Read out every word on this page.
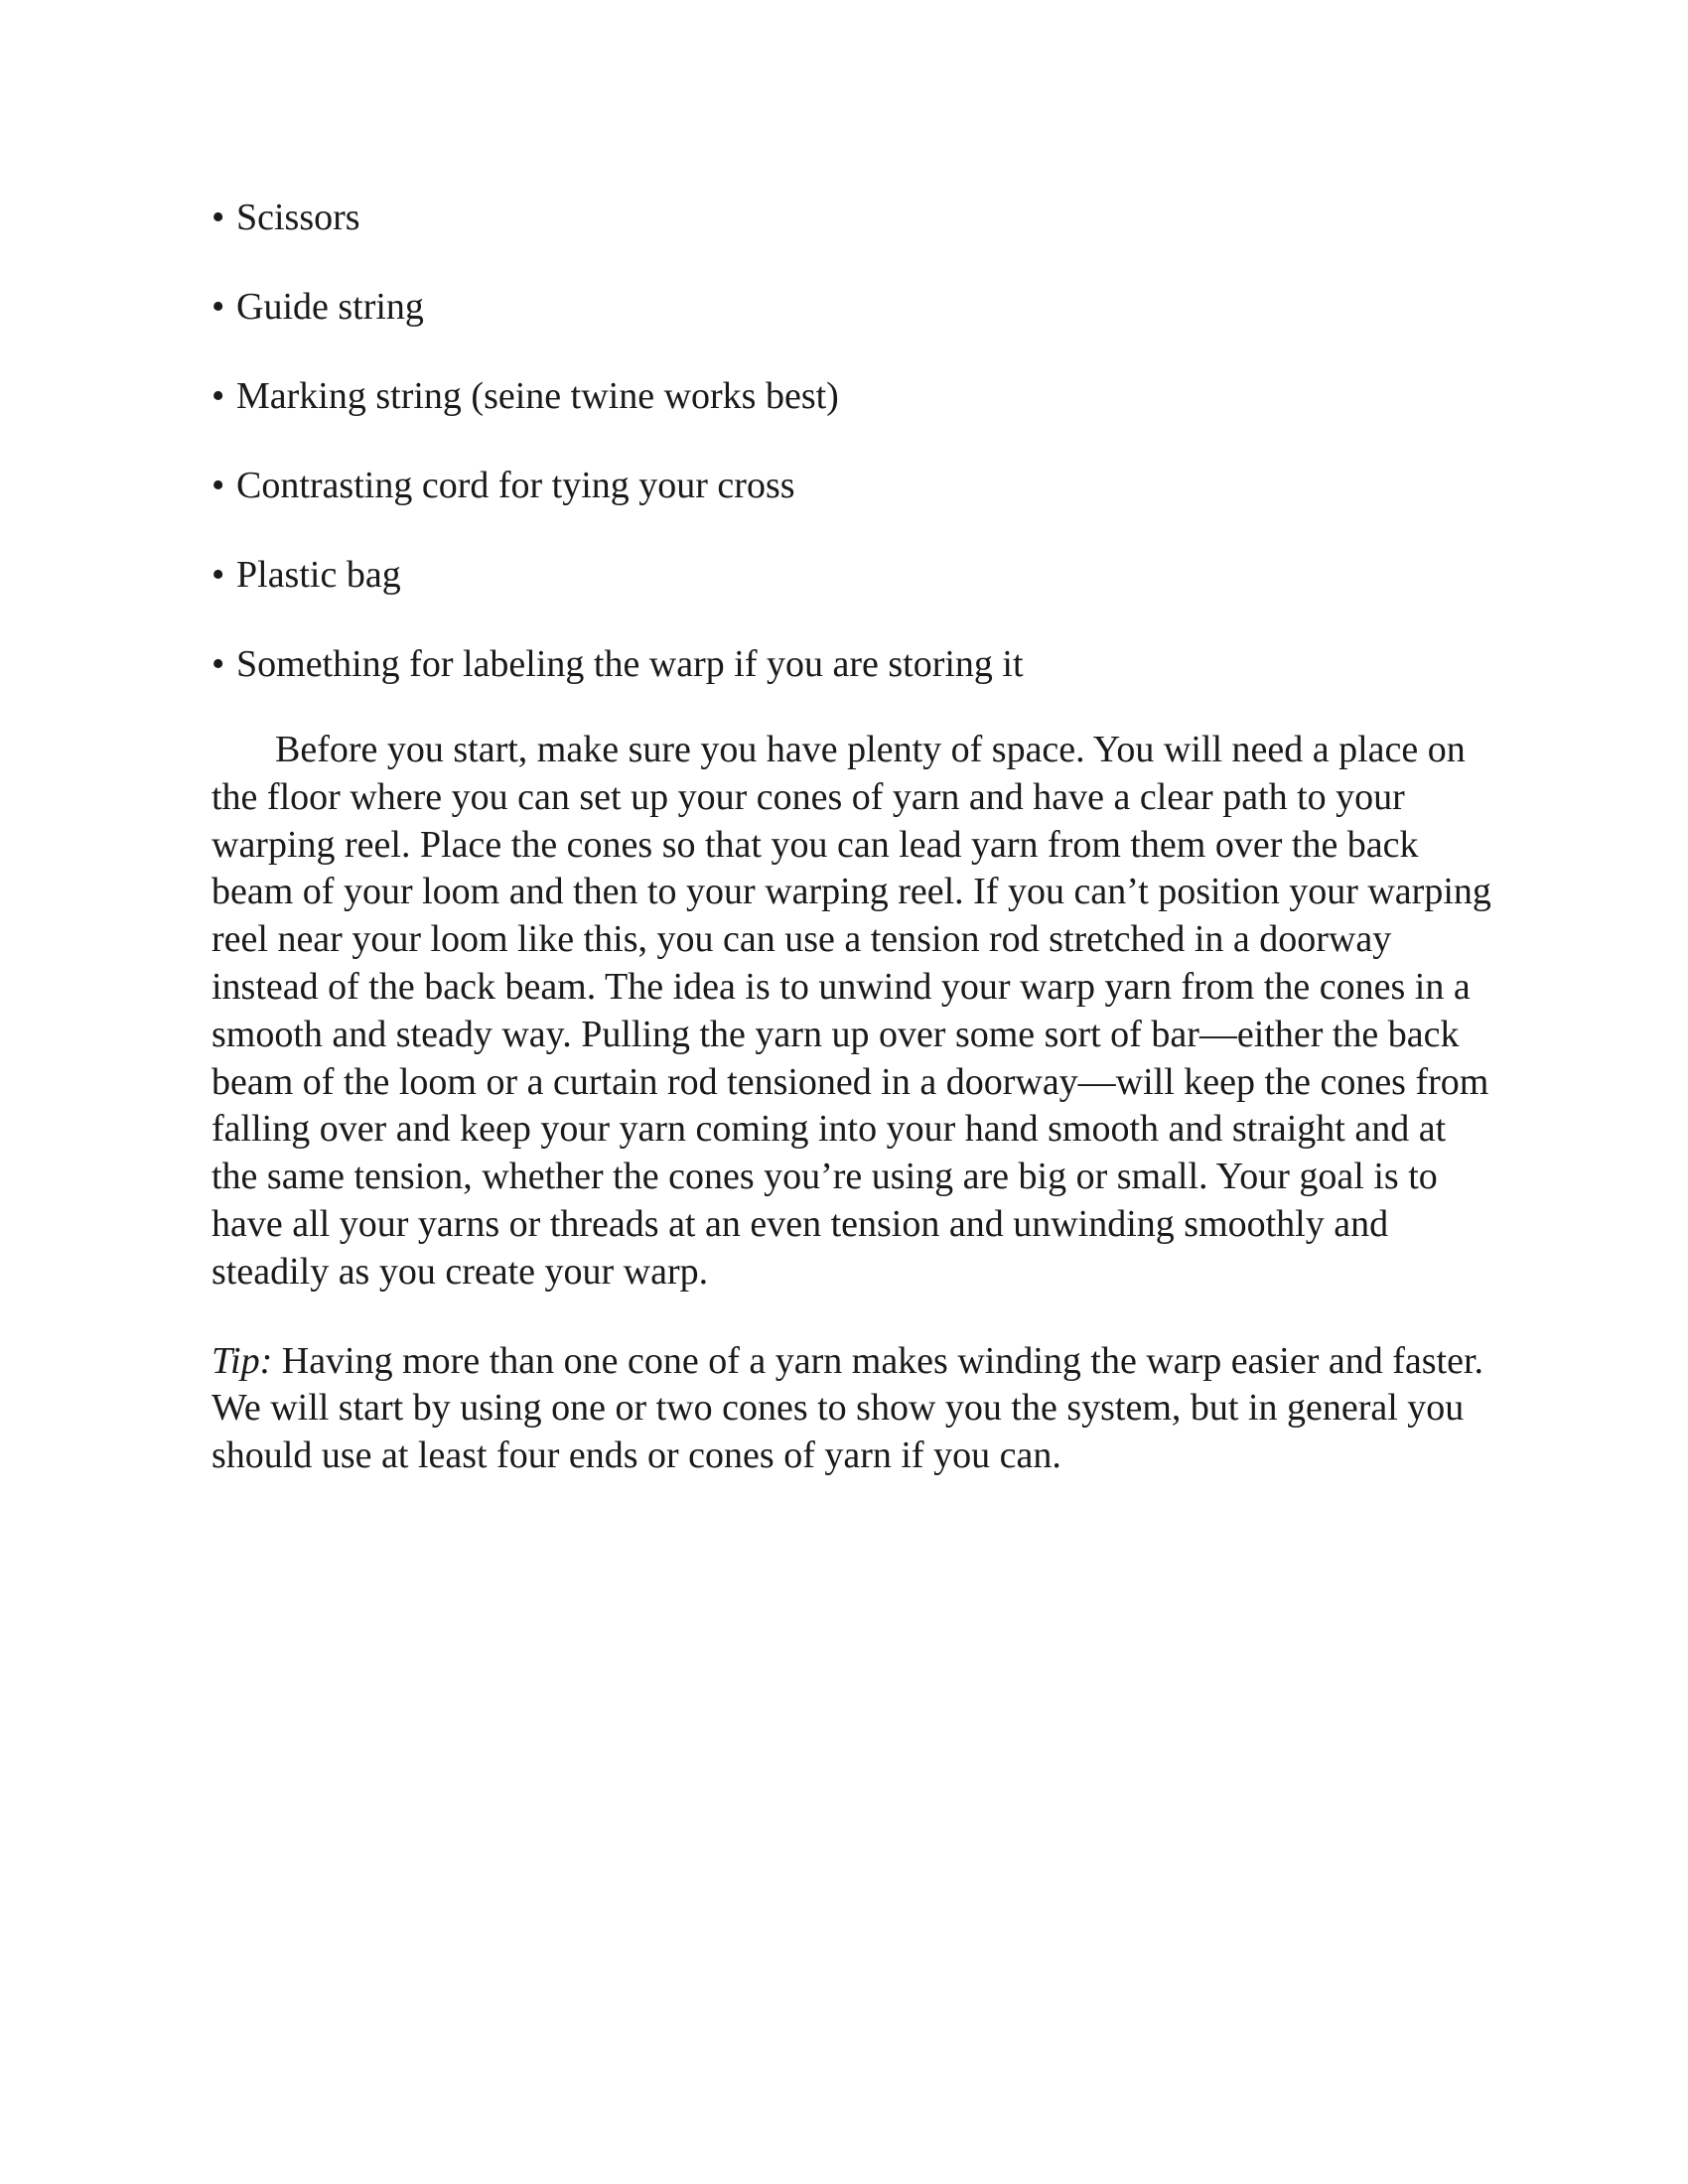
• Scissors
• Guide string
• Marking string (seine twine works best)
• Contrasting cord for tying your cross
• Plastic bag
• Something for labeling the warp if you are storing it

Before you start, make sure you have plenty of space. You will need a place on the floor where you can set up your cones of yarn and have a clear path to your warping reel. Place the cones so that you can lead yarn from them over the back beam of your loom and then to your warping reel. If you can’t position your warping reel near your loom like this, you can use a tension rod stretched in a doorway instead of the back beam. The idea is to unwind your warp yarn from the cones in a smooth and steady way. Pulling the yarn up over some sort of bar—either the back beam of the loom or a curtain rod tensioned in a doorway—will keep the cones from falling over and keep your yarn coming into your hand smooth and straight and at the same tension, whether the cones you’re using are big or small. Your goal is to have all your yarns or threads at an even tension and unwinding smoothly and steadily as you create your warp.

Tip: Having more than one cone of a yarn makes winding the warp easier and faster. We will start by using one or two cones to show you the system, but in general you should use at least four ends or cones of yarn if you can.
